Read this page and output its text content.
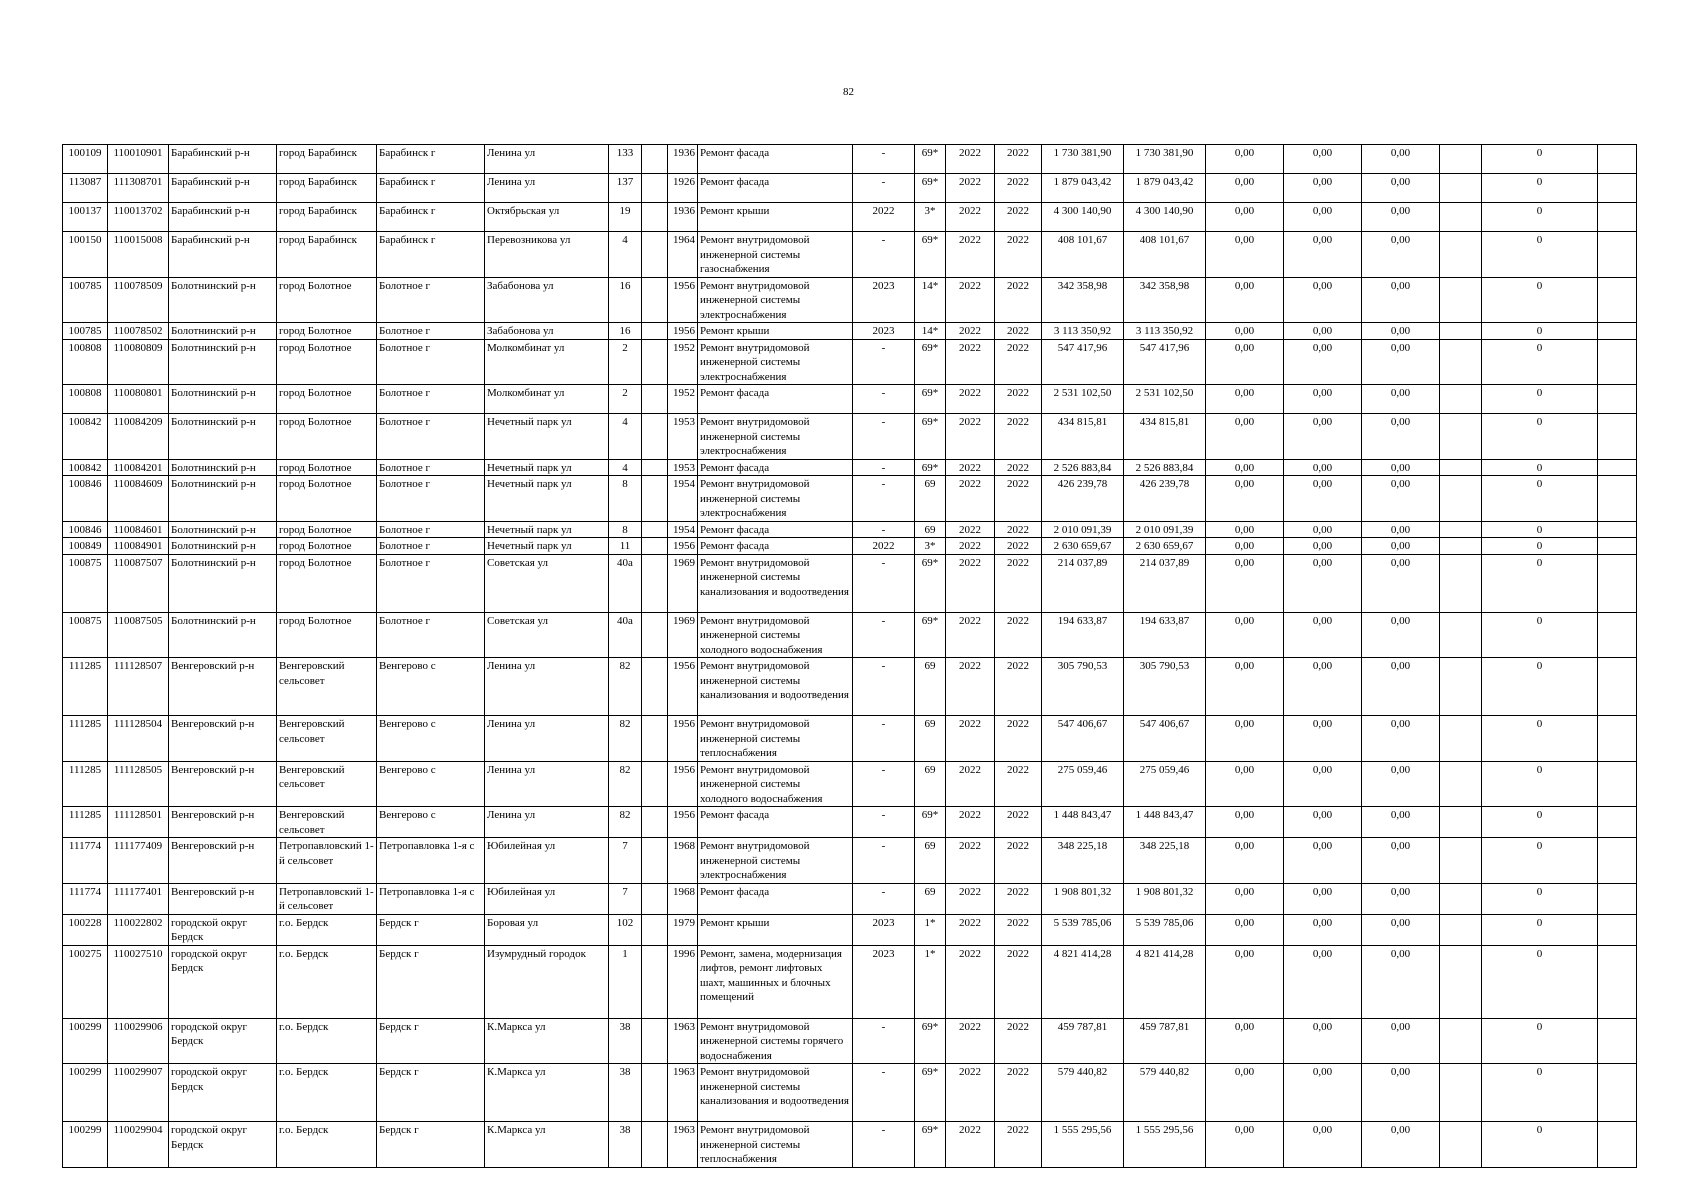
82
100109	110010901	Барабинский р-н	город Барабинск	Барабинск г	Ленина ул	133		1936	Ремонт фасада	-	69*	2022	2022	1 730 381,90	1 730 381,90	0,00	0,00	0,00		0	
113087	111308701	Барабинский р-н	город Барабинск	Барабинск г	Ленина ул	137		1926	Ремонт фасада	-	69*	2022	2022	1 879 043,42	1 879 043,42	0,00	0,00	0,00		0	
100137	110013702	Барабинский р-н	город Барабинск	Барабинск г	Октябрьская ул	19		1936	Ремонт крыши	2022	3*	2022	2022	4 300 140,90	4 300 140,90	0,00	0,00	0,00		0	
100150	110015008	Барабинский р-н	город Барабинск	Барабинск г	Перевозникова ул	4		1964	Ремонт внутридомовой инженерной системы газоснабжения	-	69*	2022	2022	408 101,67	408 101,67	0,00	0,00	0,00		0	
100785	110078509	Болотнинский р-н	город Болотное	Болотное г	Забабонова ул	16		1956	Ремонт внутридомовой инженерной системы электроснабжения	2023	14*	2022	2022	342 358,98	342 358,98	0,00	0,00	0,00		0	
100785	110078502	Болотнинский р-н	город Болотное	Болотное г	Забабонова ул	16		1956	Ремонт крыши	2023	14*	2022	2022	3 113 350,92	3 113 350,92	0,00	0,00	0,00		0	
100808	110080809	Болотнинский р-н	город Болотное	Болотное г	Молкомбинат ул	2		1952	Ремонт внутридомовой инженерной системы электроснабжения	-	69*	2022	2022	547 417,96	547 417,96	0,00	0,00	0,00		0	
100808	110080801	Болотнинский р-н	город Болотное	Болотное г	Молкомбинат ул	2		1952	Ремонт фасада	-	69*	2022	2022	2 531 102,50	2 531 102,50	0,00	0,00	0,00		0	
100842	110084209	Болотнинский р-н	город Болотное	Болотное г	Нечетный парк ул	4		1953	Ремонт внутридомовой инженерной системы электроснабжения	-	69*	2022	2022	434 815,81	434 815,81	0,00	0,00	0,00		0	
100842	110084201	Болотнинский р-н	город Болотное	Болотное г	Нечетный парк ул	4		1953	Ремонт фасада	-	69*	2022	2022	2 526 883,84	2 526 883,84	0,00	0,00	0,00		0	
100846	110084609	Болотнинский р-н	город Болотное	Болотное г	Нечетный парк ул	8		1954	Ремонт внутридомовой инженерной системы электроснабжения	-	69	2022	2022	426 239,78	426 239,78	0,00	0,00	0,00		0	
100846	110084601	Болотнинский р-н	город Болотное	Болотное г	Нечетный парк ул	8		1954	Ремонт фасада	-	69	2022	2022	2 010 091,39	2 010 091,39	0,00	0,00	0,00		0	
100849	110084901	Болотнинский р-н	город Болотное	Болотное г	Нечетный парк ул	11		1956	Ремонт фасада	2022	3*	2022	2022	2 630 659,67	2 630 659,67	0,00	0,00	0,00		0	
100875	110087507	Болотнинский р-н	город Болотное	Болотное г	Советская ул	40а		1969	Ремонт внутридомовой инженерной системы канализования и водоотведения	-	69*	2022	2022	214 037,89	214 037,89	0,00	0,00	0,00		0	
100875	110087505	Болотнинский р-н	город Болотное	Болотное г	Советская ул	40а		1969	Ремонт внутридомовой инженерной системы холодного водоснабжения	-	69*	2022	2022	194 633,87	194 633,87	0,00	0,00	0,00		0	
111285	111128507	Венгеровский р-н	Венгеровский сельсовет	Венгерово с	Ленина ул	82		1956	Ремонт внутридомовой инженерной системы канализования и водоотведения	-	69	2022	2022	305 790,53	305 790,53	0,00	0,00	0,00		0	
111285	111128504	Венгеровский р-н	Венгеровский сельсовет	Венгерово с	Ленина ул	82		1956	Ремонт внутридомовой инженерной системы теплоснабжения	-	69	2022	2022	547 406,67	547 406,67	0,00	0,00	0,00		0	
111285	111128505	Венгеровский р-н	Венгеровский сельсовет	Венгерово с	Ленина ул	82		1956	Ремонт внутридомовой инженерной системы холодного водоснабжения	-	69	2022	2022	275 059,46	275 059,46	0,00	0,00	0,00		0	
111285	111128501	Венгеровский р-н	Венгеровский сельсовет	Венгерово с	Ленина ул	82		1956	Ремонт фасада	-	69*	2022	2022	1 448 843,47	1 448 843,47	0,00	0,00	0,00		0	
111774	111177409	Венгеровский р-н	Петропавловский 1-й сельсовет	Петропавловка 1-я с	Юбилейная ул	7		1968	Ремонт внутридомовой инженерной системы электроснабжения	-	69	2022	2022	348 225,18	348 225,18	0,00	0,00	0,00		0	
111774	111177401	Венгеровский р-н	Петропавловский 1-й сельсовет	Петропавловка 1-я с	Юбилейная ул	7		1968	Ремонт фасада	-	69	2022	2022	1 908 801,32	1 908 801,32	0,00	0,00	0,00		0	
100228	110022802	городской округ Бердск	г.о. Бердск	Бердск г	Боровая ул	102		1979	Ремонт крыши	2023	1*	2022	2022	5 539 785,06	5 539 785,06	0,00	0,00	0,00		0	
100275	110027510	городской округ Бердск	г.о. Бердск	Бердск г	Изумрудный городок	1		1996	Ремонт, замена, модернизация лифтов, ремонт лифтовых шахт, машинных и блочных помещений	2023	1*	2022	2022	4 821 414,28	4 821 414,28	0,00	0,00	0,00		0	
100299	110029906	городской округ Бердск	г.о. Бердск	Бердск г	К.Маркса ул	38		1963	Ремонт внутридомовой инженерной системы горячего водоснабжения	-	69*	2022	2022	459 787,81	459 787,81	0,00	0,00	0,00		0	
100299	110029907	городской округ Бердск	г.о. Бердск	Бердск г	К.Маркса ул	38		1963	Ремонт внутридомовой инженерной системы канализования и водоотведения	-	69*	2022	2022	579 440,82	579 440,82	0,00	0,00	0,00		0	
100299	110029904	городской округ Бердск	г.о. Бердск	Бердск г	К.Маркса ул	38		1963	Ремонт внутридомовой инженерной системы теплоснабжения	-	69*	2022	2022	1 555 295,56	1 555 295,56	0,00	0,00	0,00		0	
